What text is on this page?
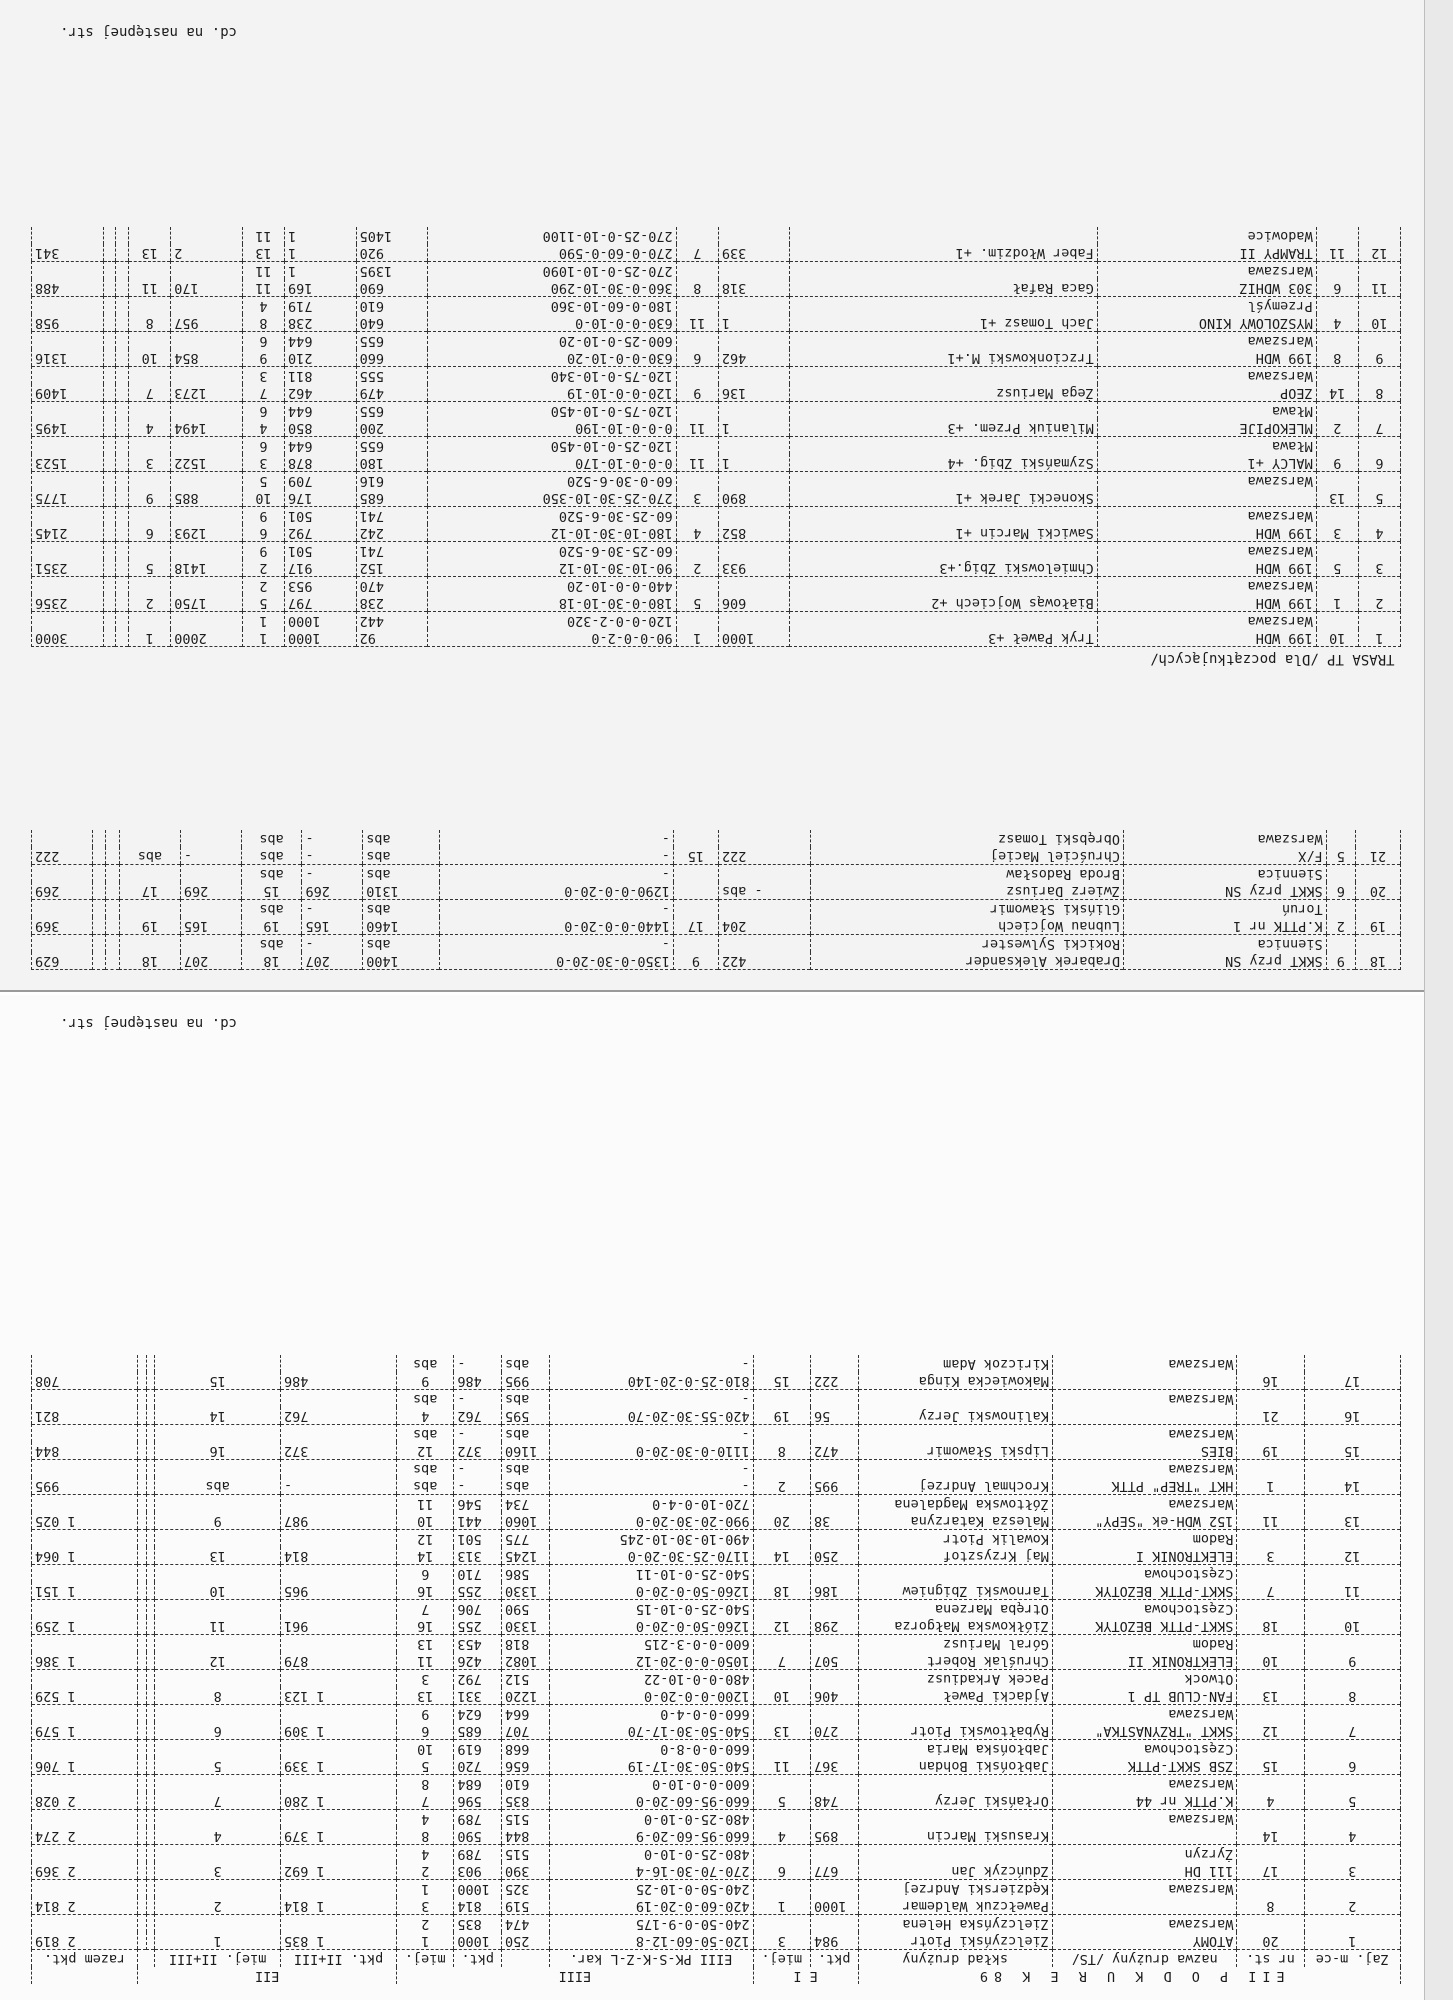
EII P O D K U R E K 89				E I		EIII				EII				
Zaj. m-ce	nr st.	nazwa drużyny /TS/	skład drużyny	pkt.	miej.	EIII PK-S-K-Z-L kar.		pkt.	miej.	pkt. II+III	miej. II+III			razem pkt.
1	20	ATOMY	Zielczyński Piotr	984	3	120-50-60-12-8	250	1000	1	1 835	1			2 819
		Warszawa	Zielczyńska Helena			240-50-0-9-175	474	835	2					
2	8		Pawełczuk Waldemar	1000	1	420-60-0-20-19	519	814	3	1 814	2			2 814
		Warszawa	Kędzierski Andrzej			240-50-0-10-25	325	1000	1					
3	17	111 DH	Zduńczyk Jan	677	6	270-70-30-16-4	390	903	2	1 692	3			2 369
		Żyrzyn				480-25-0-10-0	515	789	4					
4	14		Krasuski Marcin	895	4	660-95-60-20-9	844	590	8	1 379	4			2 274
		Warszawa				480-25-0-10-0	515	789	4					
5	4	K.PTTK nr 44	Orłański Jerzy	748	5	660-95-60-20-0	835	596	7	1 280	7			2 028
		Warszawa				600-0-0-10-0	610	684	8					
6	15	ZSB SKKT-PTTK	Jabłoński Bohdan	367	11	540-50-30-17-19	656	720	5	1 339	5			1 706
		Częstochowa	Jabłońska Maria			660-0-0-8-0	668	619	10					
7	12	SKKT "TRZYNASTKA"	Rybałtowski Piotr	270	13	540-50-30-17-70	707	685	6	1 309	6			1 579
		Warszawa				660-0-0-4-0	664	624	9					
8	13	FAN-CLUB TP 1	Ajdacki Paweł	406	10	1200-0-0-20-0	1220	331	13	1 123	8			1 529
		Otwock	Pacek Arkadiusz			480-0-0-10-22	512	792	3					
9	10	ELEKTRONIK II	Chruślak Robert	507	7	1050-0-0-20-12	1082	426	11	879	12			1 386
		Radom	Góral Mariusz			600-0-0-3-215	818	453	13					
10	18	SKKT-PTTK BEZOTYK	Ziółkowska Małgorza	298	12	1260-50-0-20-0	1330	255	16	961	11			1 259
		Częstochowa	Otręba Marzena			540-25-0-10-15	590	706	7					
11	7	SKKT-PTTK BEZOTYK	Tarnowski Zbigniew	186	18	1260-50-0-20-0	1330	255	16	965	10			1 151
		Częstochowa				540-25-0-10-11	586	710	6					
12	3	ELEKTRONIK I	Maj Krzysztof	250	14	1170-25-30-20-0	1245	313	14	814	13			1 064
		Radom	Kowalik Piotr			490-10-30-10-245	775	501	12					
13	11	152 WDH-ek "SEPY"	Malesza Katarzyna	38	20	990-20-30-20-0	1060	441	10	987	9			1 025
		Warszawa	Żółtowska Magdalena			720-10-0-4-0	734	546	11					
14	1	HKT "TREP" PTTK	Krochmal Andrzej	995	2	-	abs	-	abs	-	abs			995
		Warszawa				-	abs	-	abs					
15	19	BIES	Lipski Sławomir	472	8	1110-0-30-20-0	1160	372	12	372	16			844
		Warszawa				-	abs	-	abs					
16	21		Kalinowski Jerzy	56	19	420-55-30-20-70	595	762	4	762	14			821
		Warszawa				-	abs	-	abs					
17	16		Makowiecka Kinga	222	15	810-25-0-20-140	995	486	9	486	15			708
		Warszawa	Kiriczok Adam			-	abs	-	abs					
cd. na następnej str.
18	9	SKKT przy SN	Drabarek Aleksander	422	9	1350-0-30-20-0	1400	207	18	207	18			629
		Siennica	Rokicki Sylwester			-	abs	-	abs					
19	2	K.PTTK nr 1	Lubnau Wojciech	204	17	1440-0-0-20-0	1460	165	19	165	19			369
		Toruń	Gliński Sławomir			-	abs	-	abs					
20	6	SKKT przy SN	Zwierz Dariusz	- abs		1290-0-0-20-0	1310	269	15	269	17			269
		Siennica	Broda Radosław			-	abs	-	abs					
21	5	F/X	Chruściel Maciej	222	15	-	abs	-	abs	-	abs			222
		Warszawa	Obrębski Tomasz			-	abs	-	abs					
TRASA TP /Dla początkujących/														
1	10	199 WDH	Tryk Paweł +3	1000	1	90-0-0-2-0	92	1000	1	2000	1			3000
		Warszawa				120-0-0-2-320	442	1000	1					
2	1	199 WDH	Białowąs Wojciech +2	606	5	180-0-30-10-18	238	797	5	1750	2			2356
		Warszawa				440-0-0-10-20	470	953	2					
3	5	199 WDH	Chmielowski Zbig.+3	933	2	90-10-30-10-12	152	917	2	1418	5			2351
		Warszawa				60-25-30-6-520	741	501	9					
4	3	199 WDH	Sawicki Marcin +1	852	4	180-10-30-10-12	242	792	6	1293	6			2145
		Warszawa				60-25-30-6-520	741	501	9					
5	13		Skonecki Jarek +1	890	3	270-25-30-10-350	685	176	10	885	9			1775
		Warszawa				60-0-30-6-520	616	709	5					
6	9	MALCY +1	Szymański Zbig. +4	1	11	0-0-0-10-170	180	878	3	1522	3			1523
		Mława				120-25-0-10-450	655	644	6					
7	2	MLEKOPIJE	Milaniuk Przem. +3	1	11	0-0-0-10-190	200	850	4	1494	4			1495
		Mława				120-75-0-10-450	655	644	6					
8	14	ZEOP	Żega Mariusz	136	9	120-0-0-10-19	479	462	7	1273	7			1409
		Warszawa				120-75-0-10-340	555	811	3					
9	8	199 WDH	Trzcionkowski M.+1	462	6	630-0-0-10-20	660	210	9	854	10			1316
		Warszawa				600-25-0-10-20	655	644	6					
10	4	MYSZOLOWY KINO	Jach Tomasz +1	1	11	630-0-0-10-0	640	238	8	957	8			958
		Przemyśl				180-0-60-10-360	610	719	4					
11	6	303 WDHIZ	Gaca Rafał	318	8	360-0-30-10-290	690	169	11	170	11			488
		Warszawa				270-25-0-10-1090	1395	1	11					
12	11	TRAMPY II	Faber Włodzim. +1	339	7	270-0-60-0-590	920	1	13	2	13			341
		Wadowice				270-25-0-10-1100	1405	1	11					
cd. na następnej str.
